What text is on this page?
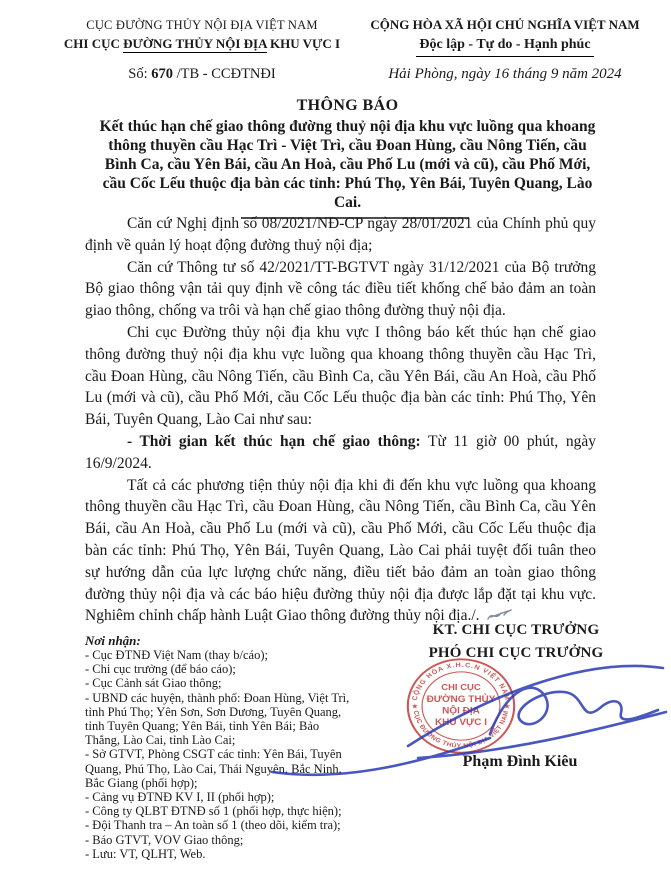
CỤC ĐƯỜNG THỦY NỘI ĐỊA VIỆT NAM
CHI CỤC ĐƯỜNG THỦY NỘI ĐỊA KHU VỰC I
Số: 670 /TB - CCĐTNĐI
CỘNG HÒA XÃ HỘI CHỦ NGHĨA VIỆT NAM
Độc lập - Tự do - Hạnh phúc
Hải Phòng, ngày 16 tháng 9 năm 2024
THÔNG BÁO
Kết thúc hạn chế giao thông đường thuỷ nội địa khu vực luồng qua khoang thông thuyền cầu Hạc Trì - Việt Trì, cầu Đoan Hùng, cầu Nông Tiến, cầu Bình Ca, cầu Yên Bái, cầu An Hoà, cầu Phố Lu (mới và cũ), cầu Phố Mới, cầu Cốc Lếu thuộc địa bàn các tỉnh: Phú Thọ, Yên Bái, Tuyên Quang, Lào Cai.

Căn cứ Nghị định số 08/2021/NĐ-CP ngày 28/01/2021 của Chính phủ quy định về quản lý hoạt động đường thuỷ nội địa;

Căn cứ Thông tư số 42/2021/TT-BGTVT ngày 31/12/2021 của Bộ trưởng Bộ giao thông vận tải quy định về công tác điều tiết khống chế bảo đảm an toàn giao thông, chống va trôi và hạn chế giao thông đường thuỷ nội địa.

Chi cục Đường thủy nội địa khu vực I thông báo kết thúc hạn chế giao thông đường thuỷ nội địa khu vực luồng qua khoang thông thuyền cầu Hạc Trì, cầu Đoan Hùng, cầu Nông Tiến, cầu Bình Ca, cầu Yên Bái, cầu An Hoà, cầu Phố Lu (mới và cũ), cầu Phố Mới, cầu Cốc Lếu thuộc địa bàn các tỉnh: Phú Thọ, Yên Bái, Tuyên Quang, Lào Cai như sau:

- Thời gian kết thúc hạn chế giao thông: Từ 11 giờ 00 phút, ngày 16/9/2024.

Tất cả các phương tiện thủy nội địa khi đi đến khu vực luồng qua khoang thông thuyền cầu Hạc Trì, cầu Đoan Hùng, cầu Nông Tiến, cầu Bình Ca, cầu Yên Bái, cầu An Hoà, cầu Phố Lu (mới và cũ), cầu Phố Mới, cầu Cốc Lếu thuộc địa bàn các tỉnh: Phú Thọ, Yên Bái, Tuyên Quang, Lào Cai phải tuyệt đối tuân theo sự hướng dẫn của lực lượng chức năng, điều tiết bảo đảm an toàn giao thông đường thủy nội địa và các báo hiệu đường thủy nội địa được lắp đặt tại khu vực. Nghiêm chỉnh chấp hành Luật Giao thông đường thủy nội địa./.

Nơi nhận:
- Cục ĐTNĐ Việt Nam (thay b/cáo);
- Chi cục trưởng (để báo cáo);
- Cục Cảnh sát Giao thông;
- UBND các huyện, thành phố: Đoan Hùng, Việt Trì, tỉnh Phú Thọ; Yên Sơn, Sơn Dương, Tuyên Quang, tỉnh Tuyên Quang; Yên Bái, tỉnh Yên Bái; Bảo Thắng, Lào Cai, tỉnh Lào Cai;
- Sở GTVT, Phòng CSGT các tỉnh: Yên Bái, Tuyên Quang, Phú Thọ, Lào Cai, Thái Nguyên, Bắc Ninh, Bắc Giang (phối hợp);
- Cảng vụ ĐTNĐ KV I, II (phối hợp);
- Công ty QLBT ĐTNĐ số 1 (phối hợp, thực hiện);
- Đội Thanh tra – An toàn số 1 (theo dõi, kiểm tra);
- Báo GTVT, VOV Giao thông;
- Lưu: VT, QLHT, Web.
KT. CHI CỤC TRƯỞNG
PHÓ CHI CỤC TRƯỞNG
CỘNG HÒA X.H.C.N VIỆT NAM
CỤC ĐƯỜNG THỦY NỘI ĐỊA VIỆT NAM
★	★
CHI CỤC
ĐƯỜNG THỦY
NỘI ĐỊA
KHU VỰC I
Phạm Đình Kiêu
